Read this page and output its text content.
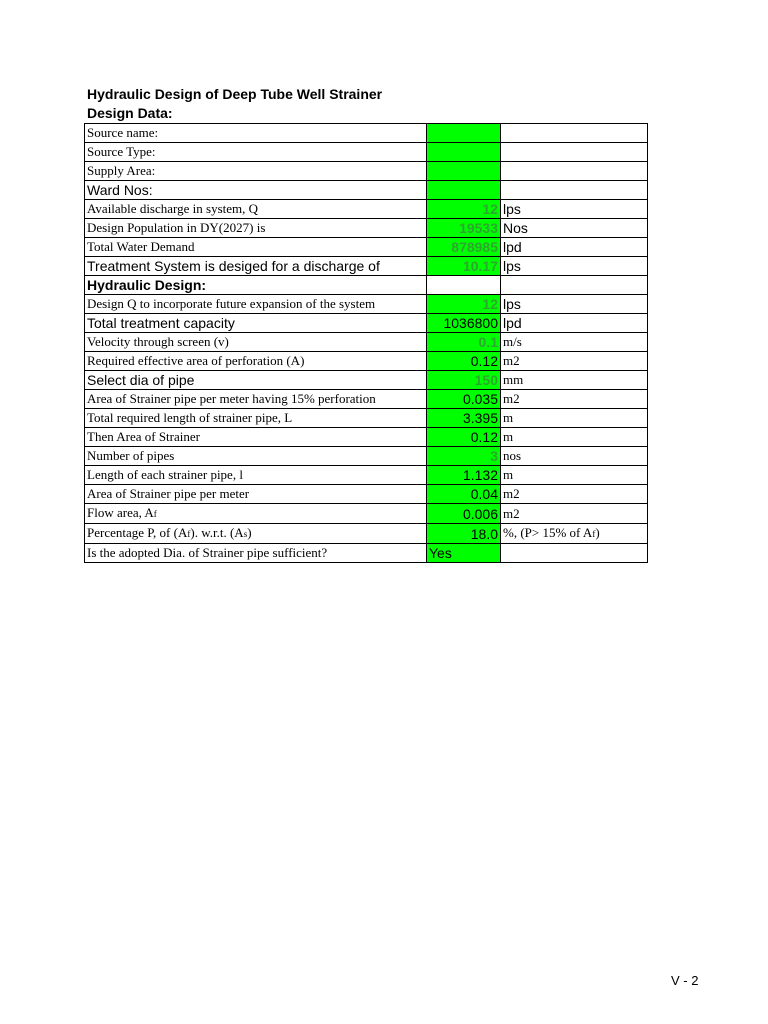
Hydraulic Design of Deep Tube Well Strainer
Design Data:
Source name:		
Source Type:		
Supply Area:		
Ward Nos:		
Available discharge in system, Q	12	lps
Design Population in DY(2027) is	19533	Nos
Total Water Demand	878985	lpd
Treatment System is desiged for a discharge of	10.17	lps
Hydraulic Design:		
Design Q to incorporate future expansion of the system	12	lps
Total treatment capacity	1036800	lpd
Velocity through screen (v)	0.1	m/s
Required effective area of perforation (A)	0.12	m2
Select dia of pipe	150	mm
Area of Strainer pipe per meter having 15% perforation	0.035	m2
Total required length of strainer pipe, L	3.395	m
Then Area of Strainer	0.12	m
Number of pipes	3	nos
Length of each strainer pipe, l	1.132	m
Area of Strainer pipe per meter	0.04	m2
Flow area, Af	0.006	m2
Percentage P, of (Af). w.r.t. (As)	18.0	%, (P> 15% of Af)
Is the adopted Dia. of Strainer pipe sufficient?	Yes	
V - 2
